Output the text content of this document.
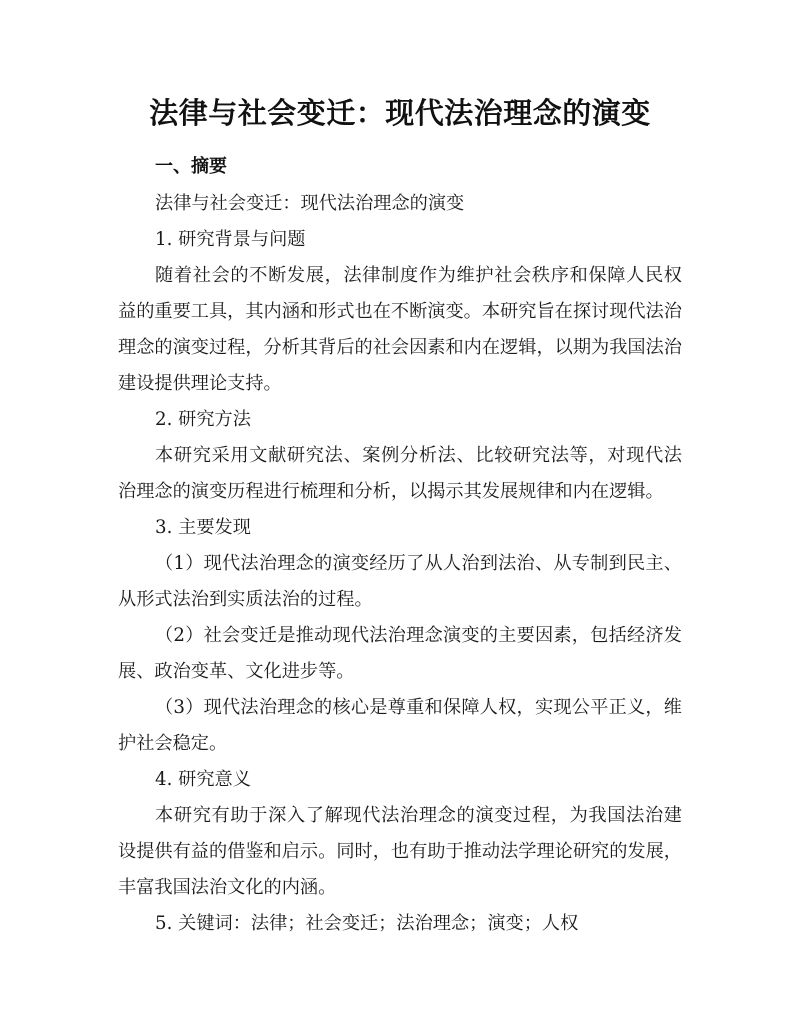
法律与社会变迁：现代法治理念的演变
一、摘要

法律与社会变迁：现代法治理念的演变

1. 研究背景与问题

随着社会的不断发展，法律制度作为维护社会秩序和保障人民权益的重要工具，其内涵和形式也在不断演变。本研究旨在探讨现代法治理念的演变过程，分析其背后的社会因素和内在逻辑，以期为我国法治建设提供理论支持。

2. 研究方法

本研究采用文献研究法、案例分析法、比较研究法等，对现代法治理念的演变历程进行梳理和分析，以揭示其发展规律和内在逻辑。

3. 主要发现

（1）现代法治理念的演变经历了从人治到法治、从专制到民主、从形式法治到实质法治的过程。

（2）社会变迁是推动现代法治理念演变的主要因素，包括经济发展、政治变革、文化进步等。

（3）现代法治理念的核心是尊重和保障人权，实现公平正义，维护社会稳定。

4. 研究意义

本研究有助于深入了解现代法治理念的演变过程，为我国法治建设提供有益的借鉴和启示。同时，也有助于推动法学理论研究的发展，丰富我国法治文化的内涵。

5. 关键词：法律；社会变迁；法治理念；演变；人权
